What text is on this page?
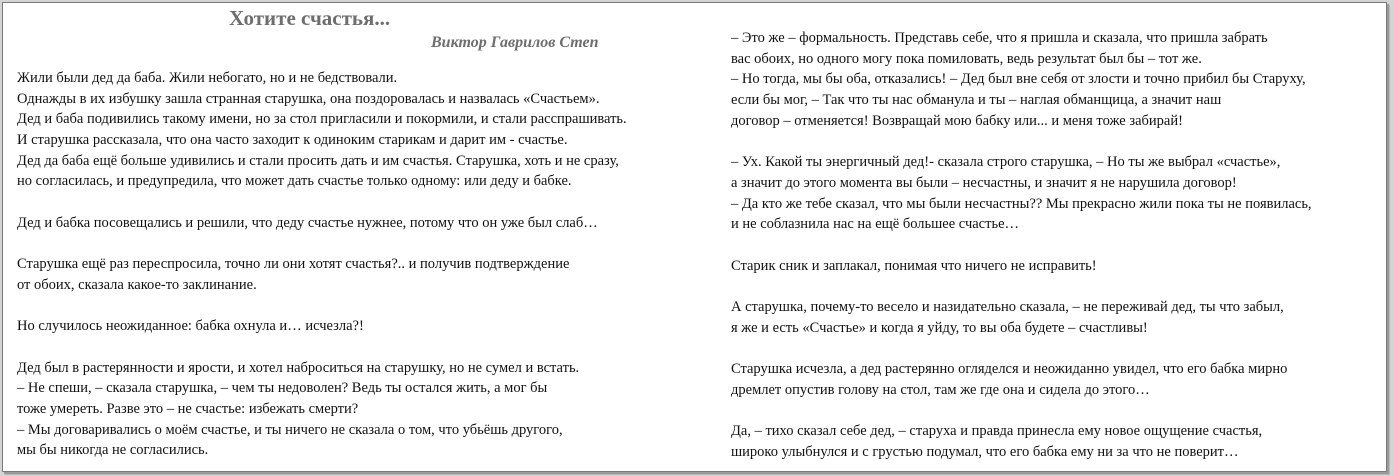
Хотите счастья...
Виктор Гаврилов Степ
Жили были дед да баба. Жили небогато, но и не бедствовали.
Однажды в их избушку зашла странная старушка, она поздоровалась и назвалась «Счастьем».
Дед и баба подивились такому имени, но за стол пригласили и покормили, и стали расспрашивать.
И старушка рассказала, что она часто заходит к одиноким старикам и дарит им - счастье.
Дед да баба ещё больше удивились и стали просить дать и им счастья. Старушка, хоть и не сразу,
но согласилась, и предупредила, что может дать счастье только одному: или деду и бабке.
Дед и бабка посовещались и решили, что деду счастье нужнее, потому что он уже был слаб…
Старушка ещё раз переспросила, точно ли они хотят счастья?.. и получив подтверждение
от обоих, сказала какое-то заклинание.
Но случилось неожиданное: бабка охнула и… исчезла?!
Дед был в растерянности и ярости, и хотел наброситься на старушку, но не сумел и встать.
– Не спеши, – сказала старушка, – чем ты недоволен? Ведь ты остался жить, а мог бы
тоже умереть. Разве это – не счастье: избежать смерти?
– Мы договаривались о моём счастье, и ты ничего не сказала о том, что убьёшь другого,
мы бы никогда не согласились.
– Это же – формальность. Представь себе, что я пришла и сказала, что пришла забрать
вас обоих, но одного могу пока помиловать, ведь результат был бы – тот же.
– Но тогда, мы бы оба, отказались! – Дед был вне себя от злости и точно прибил бы Старуху,
если бы мог, – Так что ты нас обманула и ты – наглая обманщица, а значит наш
договор – отменяется! Возвращай мою бабку или... и меня тоже забирай!
– Ух. Какой ты энергичный дед!- сказала строго старушка, – Но ты же выбрал «счастье»,
а значит до этого момента вы были – несчастны, и значит я не нарушила договор!
– Да кто же тебе сказал, что мы были несчастны?? Мы прекрасно жили пока ты не появилась,
и не соблазнила нас на ещё большее счастье…
Старик сник и заплакал, понимая что ничего не исправить!
А старушка, почему-то весело и назидательно сказала, – не переживай дед, ты что забыл,
я же и есть «Счастье» и когда я уйду, то вы оба будете – счастливы!
Старушка исчезла, а дед растерянно огляделся и неожиданно увидел, что его бабка мирно
дремлет опустив голову на стол, там же где она и сидела до этого…
Да, – тихо сказал себе дед, – старуха и правда принесла ему новое ощущение счастья,
широко улыбнулся и с грустью подумал, что его бабка ему ни за что не поверит…
